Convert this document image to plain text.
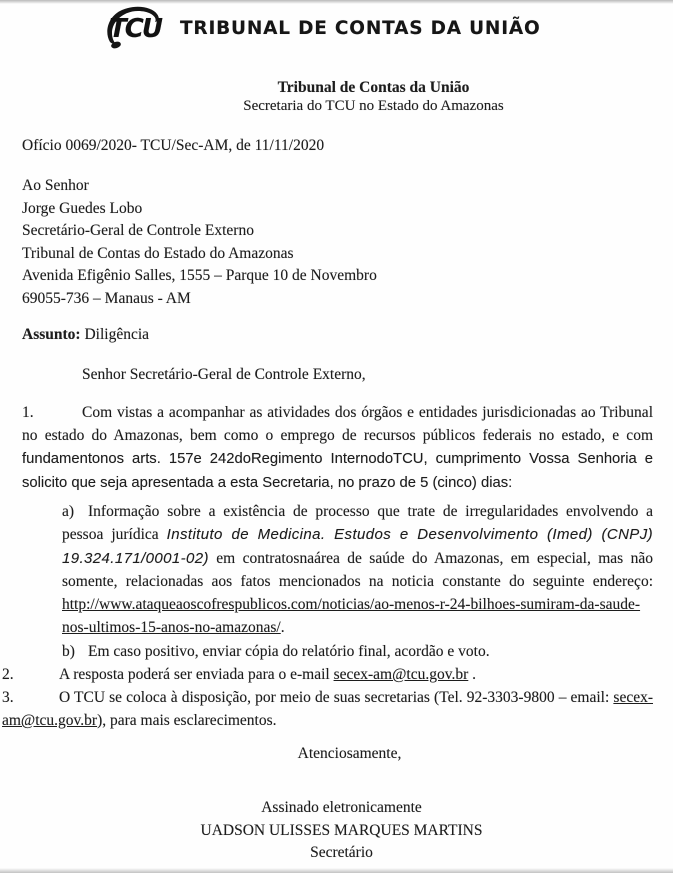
TCU TRIBUNAL DE CONTAS DA UNIÃO
Tribunal de Contas da União
Secretaria do TCU no Estado do Amazonas

Ofício 0069/2020- TCU/Sec-AM, de 11/11/2020

Ao Senhor
Jorge Guedes Lobo
Secretário-Geral de Controle Externo
Tribunal de Contas do Estado do Amazonas
Avenida Efigênio Salles, 1555 – Parque 10 de Novembro
69055-736 – Manaus - AM

Assunto: Diligência

Senhor Secretário-Geral de Controle Externo,

1.	Com vistas a acompanhar as atividades dos órgãos e entidades jurisdicionadas ao Tribunal no estado do Amazonas, bem como o emprego de recursos públicos federais no estado, e com fundamentonos arts. 157e 242doRegimento InternodoTCU, cumprimento Vossa Senhoria e solicito que seja apresentada a esta Secretaria, no prazo de 5 (cinco) dias:

a) Informação sobre a existência de processo que trate de irregularidades envolvendo a pessoa jurídica Instituto de Medicina. Estudos e Desenvolvimento (Imed) (CNPJ) 19.324.171/0001-02) em contratosnaárea de saúde do Amazonas, em especial, mas não somente, relacionadas aos fatos mencionados na noticia constante do seguinte endereço: http://www.ataqueaoscofrespublicos.com/noticias/ao-menos-r-24-bilhoes-sumiram-da-saude-nos-ultimos-15-anos-no-amazonas/.

b) Em caso positivo, enviar cópia do relatório final, acordão e voto.

2.	A resposta poderá ser enviada para o e-mail secex-am@tcu.gov.br .

3.	O TCU se coloca à disposição, por meio de suas secretarias (Tel. 92-3303-9800 – email: secex-am@tcu.gov.br), para mais esclarecimentos.

Atenciosamente,

Assinado eletronicamente
UADSON ULISSES MARQUES MARTINS
Secretário
